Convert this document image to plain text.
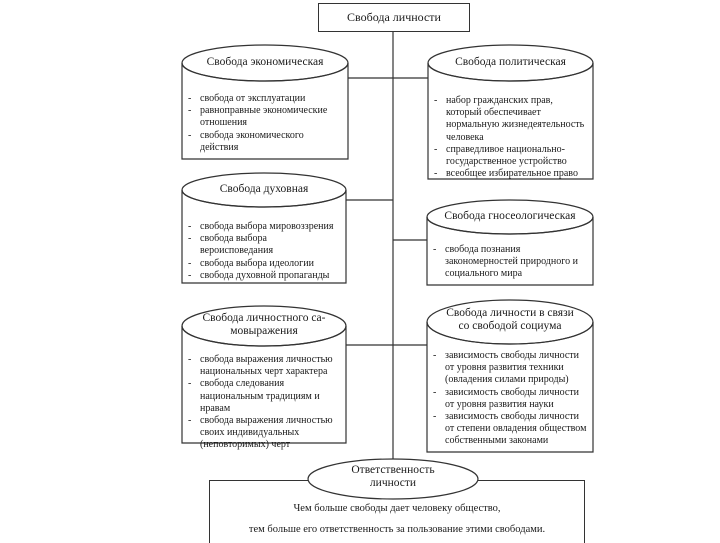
Свобода личности
Свобода экономическая
- свобода от эксплуатации
- равноправные экономические отношения
- свобода экономического действия
Свобода политическая
- набор гражданских прав, который обеспечивает нормальную жизнедеятельность человека
- справедливое национально-государственное устройство
- всеобщее избирательное право
Свобода духовная
- свобода выбора мировоззрения
- свобода выбора вероисповедания
- свобода выбора идеологии
- свобода духовной пропаганды
Свобода гносеологическая
- свобода познания закономерностей природного и социального мира
Свобода личностного са-
мовыражения
- свобода выражения личностью национальных черт характера
- свобода следования национальным традициям и нравам
- свобода выражения личностью своих индивидуальных (неповторимых) черт
Свобода личности в связи
со свободой социума
- зависимость свободы личности от уровня развития техники (овладения силами природы)
- зависимость свободы личности от уровня развития науки
- зависимость свободы личности от степени овладения обществом собственными законами

Чем больше свободы дает человеку общество,

тем больше его ответственность за пользование этими свободами.

Ответственность
личности
